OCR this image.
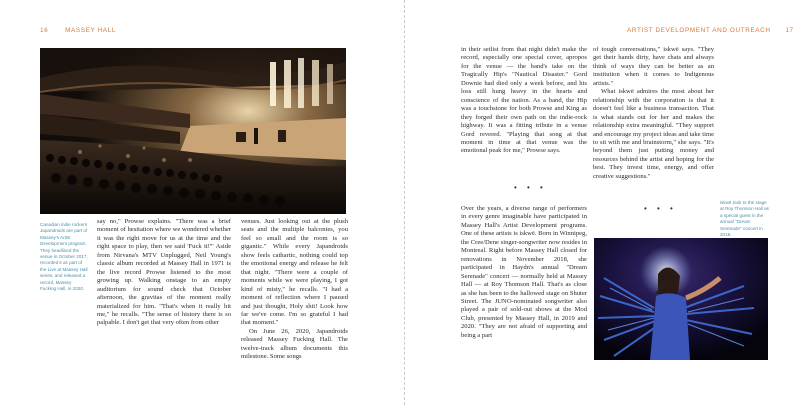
16	MASSEY HALL
Canadian indie rockers Japandroids are part of Massey's Artist Development program. They headlined the venue in October 2017, recorded it as part of the Live at Massey Hall series, and released a record, Massey Fucking Hall, in 2020.

say no," Prowse explains. "There was a brief moment of hesitation where we wondered whether it was the right move for us at the time and the right space to play, then we said 'Fuck it!'" Aside from Nirvana's MTV Unplugged, Neil Young's classic album recorded at Massey Hall in 1971 is the live record Prowse listened to the most growing up. Walking onstage to an empty auditorium for sound check that October afternoon, the gravitas of the moment really materialized for him. "That's when it really hit me," he recalls. "The sense of history there is so palpable. I don't get that very often from other

venues. Just looking out at the plush seats and the multiple balconies, you feel so small and the room is so gigantic." While every Japandroids show feels cathartic, nothing could top the emotional energy and release he felt that night. "There were a couple of moments while we were playing, I got kind of misty," he recalls. "I had a moment of reflection where I paused and just thought, Holy shit! Look how far we've come. I'm so grateful I had that moment."

On June 26, 2020, Japandroids released Massey Fucking Hall. The twelve-track album documents this milestone. Some songs

ARTIST DEVELOPMENT AND OUTREACH 17

in their setlist from that night didn't make the record, especially one special cover, apropos for the venue — the band's take on the Tragically Hip's "Nautical Disaster." Gord Downie had died only a week before, and his loss still hung heavy in the hearts and conscience of the nation. As a band, the Hip was a touchstone for both Prowse and King as they forged their own path on the indie-rock highway. It was a fitting tribute in a venue Gord revered. "Playing that song at that moment in time at that venue was the emotional peak for me," Prowse says.

• • •

Over the years, a diverse range of performers in every genre imaginable have participated in Massey Hall's Artist Development programs. One of these artists is iskwē. Born in Winnipeg, the Cree/Dene singer-songwriter now resides in Montreal. Right before Massey Hall closed for renovations in November 2018, she participated in Haydn's annual "Dream Serenade" concert — normally held at Massey Hall — at Roy Thomson Hall. That's as close as she has been to the hallowed stage on Shuter Street. The JUNO-nominated songwriter also played a pair of sold-out shows at the Mod Club, presented by Massey Hall, in 2019 and 2020. "They are not afraid of supporting and being a part

of tough conversations," iskwē says. "They get their hands dirty, have chats and always think of ways they can be better as an institution when it comes to Indigenous artists."

What iskwē admires the most about her relationship with the corporation is that it doesn't feel like a business transaction. That is what stands out for her and makes the relationship extra meaningful. "They support and encourage my project ideas and take time to sit with me and brainstorm," she says. "It's beyond them just putting money and resources behind the artist and hoping for the best. They invest time, energy, and offer creative suggestions."

• • •
iskwē took to the stage at Roy Thomson Hall as a special guest in the annual "Dream Serenade" concert in 2018.
